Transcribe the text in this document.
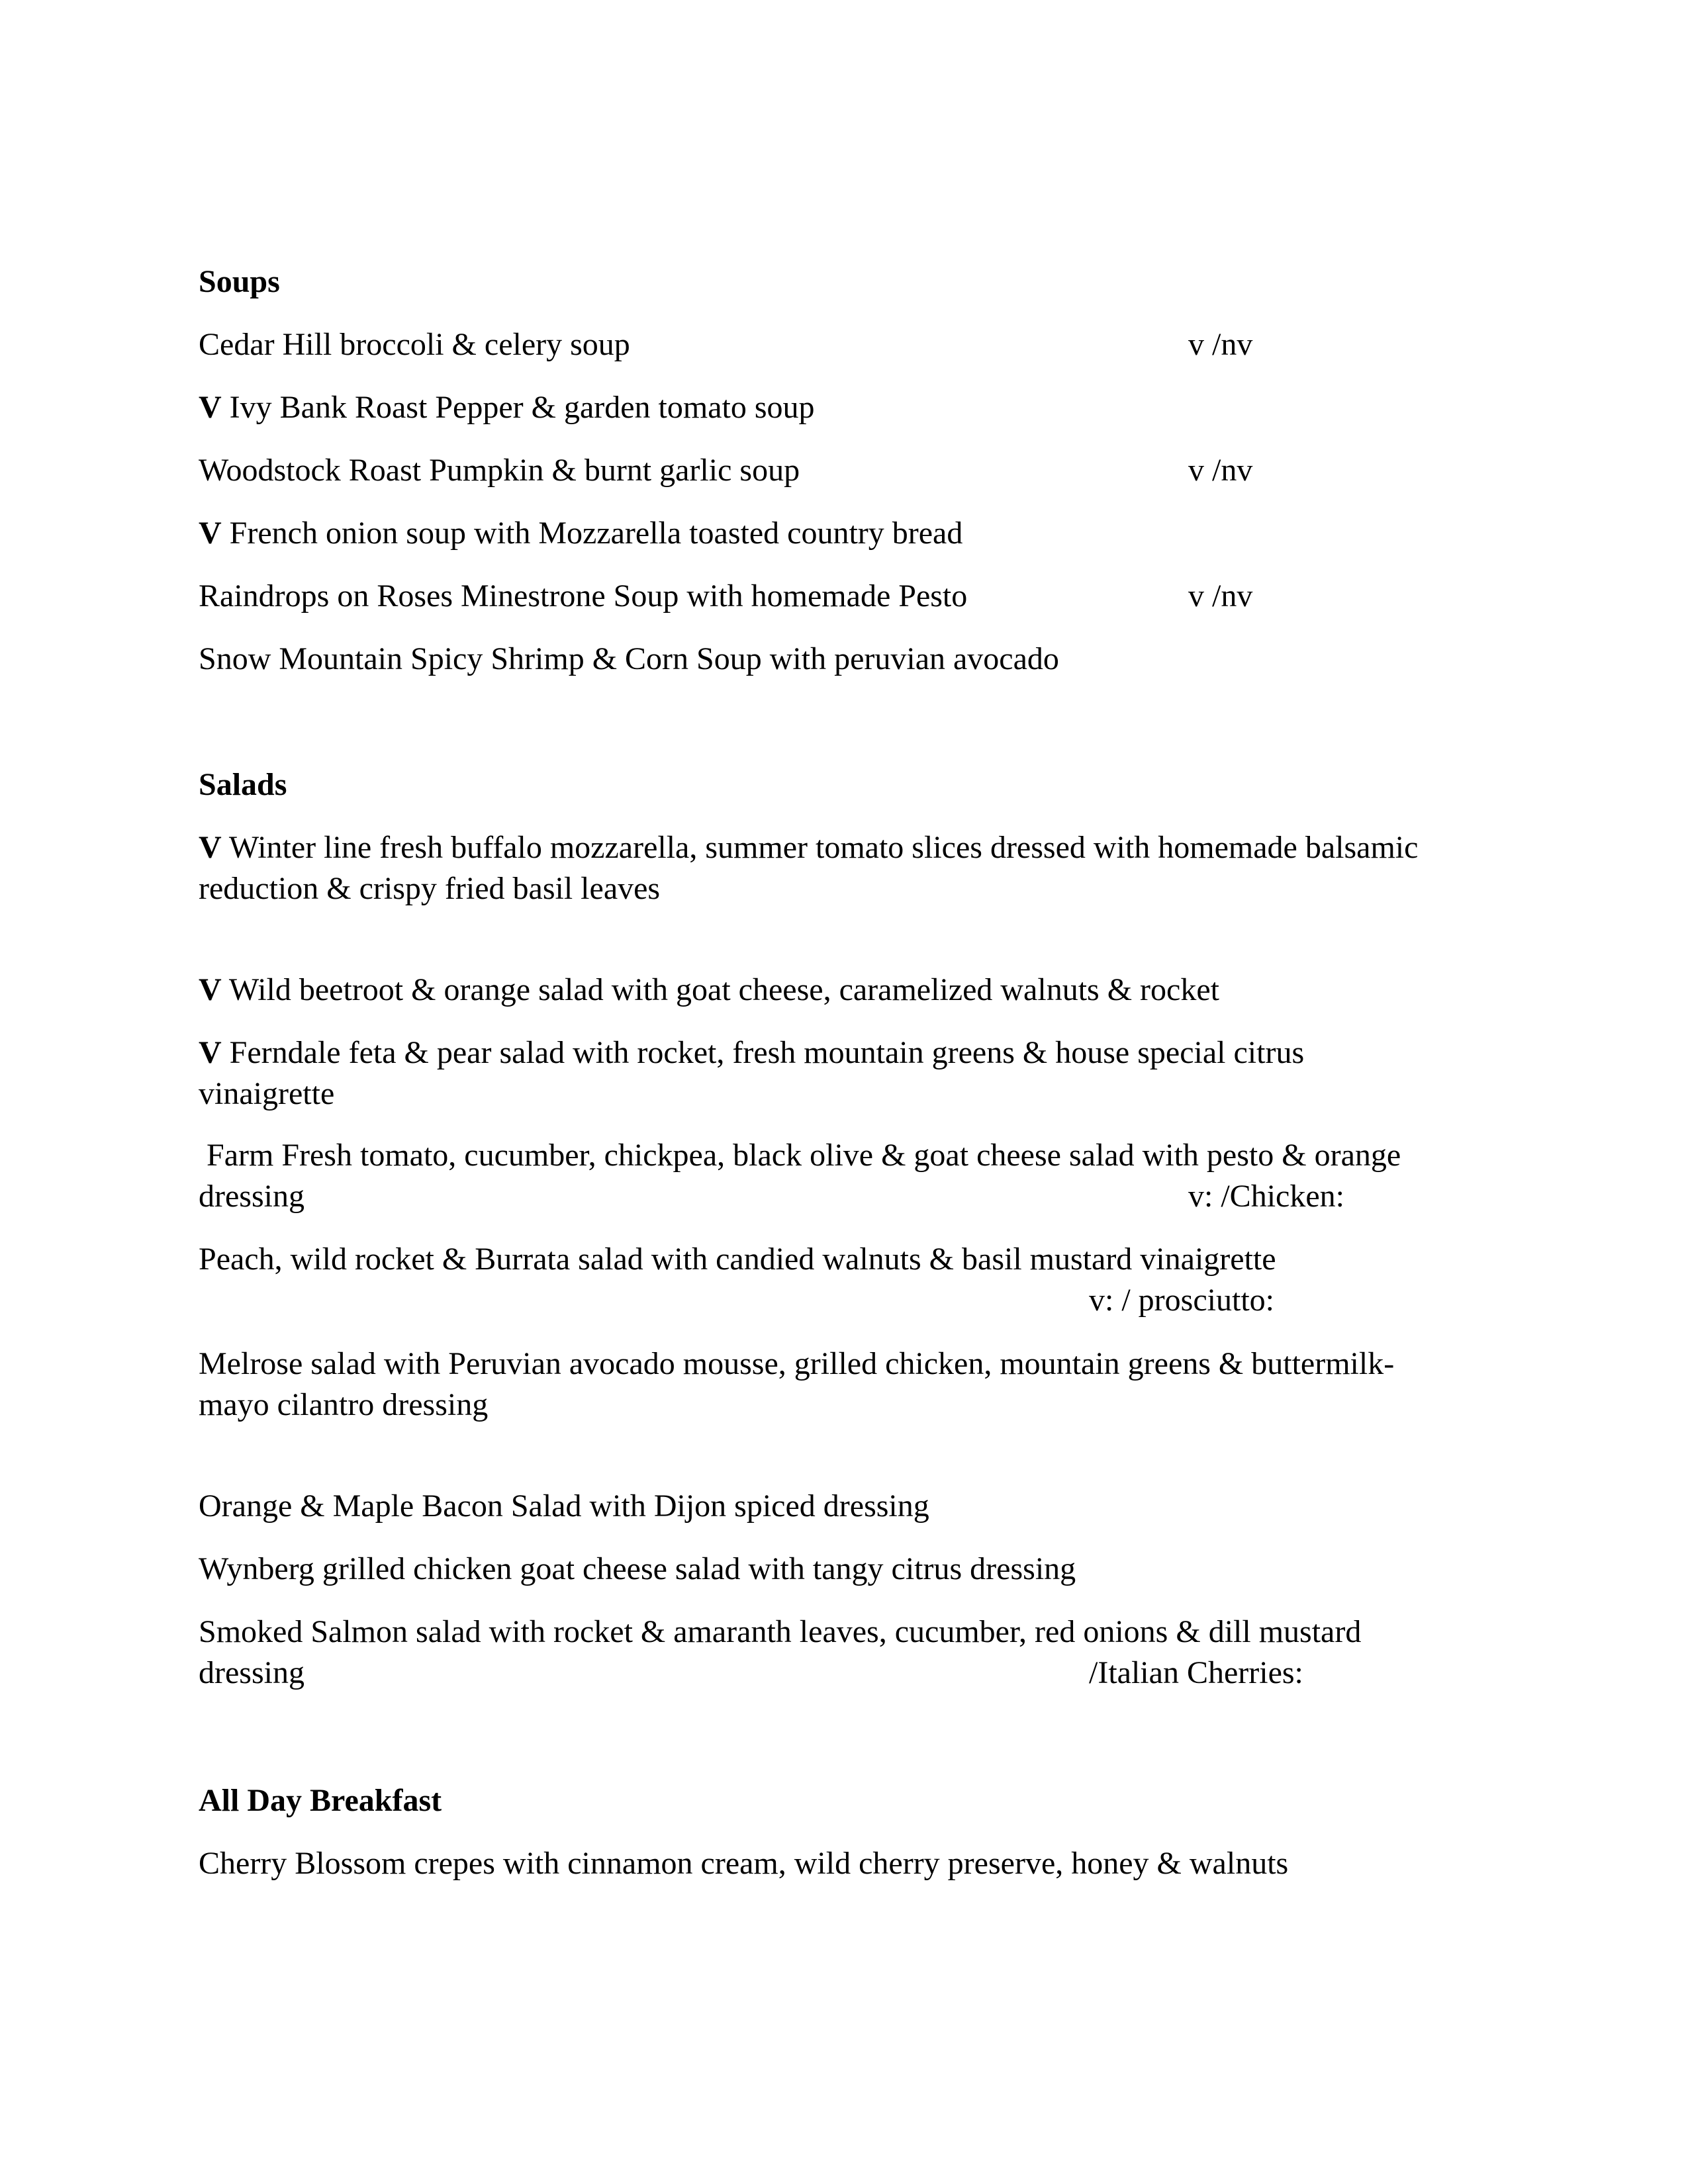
Soups
Cedar Hill broccoli & celery soup	v /nv
V Ivy Bank Roast Pepper & garden tomato soup
Woodstock Roast Pumpkin & burnt garlic soup	v /nv
V French onion soup with Mozzarella toasted country bread
Raindrops on Roses Minestrone Soup with homemade Pesto	v /nv
Snow Mountain Spicy Shrimp & Corn Soup with peruvian avocado
Salads
V Winter line fresh buffalo mozzarella, summer tomato slices dressed with homemade balsamic
reduction & crispy fried basil leaves
V Wild beetroot & orange salad with goat cheese, caramelized walnuts & rocket
V Ferndale feta & pear salad with rocket, fresh mountain greens & house special citrus
vinaigrette
Farm Fresh tomato, cucumber, chickpea, black olive & goat cheese salad with pesto & orange
dressing	v: /Chicken:
Peach, wild rocket & Burrata salad with candied walnuts & basil mustard vinaigrette
v: / prosciutto:
Melrose salad with Peruvian avocado mousse, grilled chicken, mountain greens & buttermilk-
mayo cilantro dressing
Orange & Maple Bacon Salad with Dijon spiced dressing
Wynberg grilled chicken goat cheese salad with tangy citrus dressing
Smoked Salmon salad with rocket & amaranth leaves, cucumber, red onions & dill mustard
dressing	/Italian Cherries:
All Day Breakfast
Cherry Blossom crepes with cinnamon cream, wild cherry preserve, honey & walnuts
